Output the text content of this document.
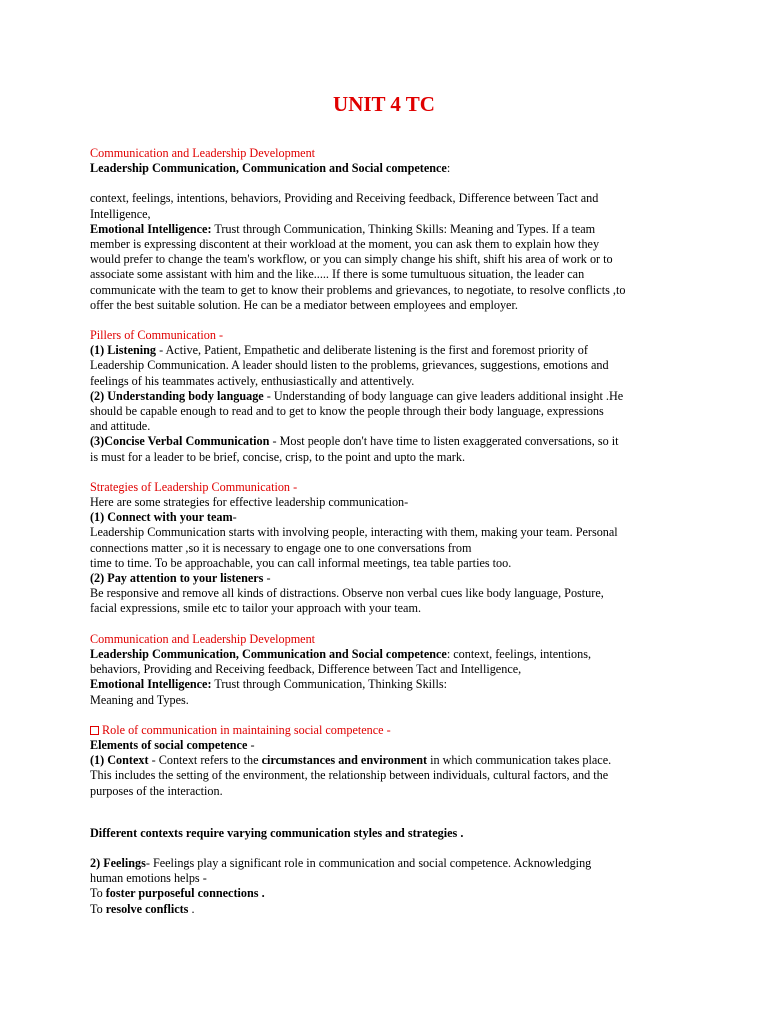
UNIT 4 TC

Communication and Leadership Development

Leadership Communication, Communication and Social competence:

context, feelings, intentions, behaviors, Providing and Receiving feedback, Difference between Tact and

Intelligence,

Emotional Intelligence: Trust through Communication, Thinking Skills: Meaning and Types. If a team

member is expressing discontent at their workload at the moment, you can ask them to explain how they

would prefer to change the team's workflow, or you can simply change his shift, shift his area of work or to

associate some assistant with him and the like..... If there is some tumultuous situation, the leader can

communicate with the team to get to know their problems and grievances, to negotiate, to resolve conflicts ,to

offer the best suitable solution. He can be a mediator between employees and employer.

Pillers of Communication -

(1) Listening - Active, Patient, Empathetic and deliberate listening is the first and foremost priority of

Leadership Communication. A leader should listen to the problems, grievances, suggestions, emotions and

feelings of his teammates actively, enthusiastically and attentively.

(2) Understanding body language - Understanding of body language can give leaders additional insight .He

should be capable enough to read and to get to know the people through their body language, expressions

and attitude.

(3)Concise Verbal Communication - Most people don't have time to listen exaggerated conversations, so it

is must for a leader to be brief, concise, crisp, to the point and upto the mark.

Strategies of Leadership Communication -

Here are some strategies for effective leadership communication-

(1) Connect with your team-

Leadership Communication starts with involving people, interacting with them, making your team. Personal

connections matter ,so it is necessary to engage one to one conversations from

time to time. To be approachable, you can call informal meetings, tea table parties too.

(2) Pay attention to your listeners -

Be responsive and remove all kinds of distractions. Observe non verbal cues like body language, Posture,

facial expressions, smile etc to tailor your approach with your team.

Communication and Leadership Development

Leadership Communication, Communication and Social competence: context, feelings, intentions,

behaviors, Providing and Receiving feedback, Difference between Tact and Intelligence,

Emotional Intelligence: Trust through Communication, Thinking Skills:

Meaning and Types.

Role of communication in maintaining social competence -

Elements of social competence -

(1) Context - Context refers to the circumstances and environment in which communication takes place.

This includes the setting of the environment, the relationship between individuals, cultural factors, and the

purposes of the interaction.

Different contexts require varying communication styles and strategies .

2) Feelings- Feelings play a significant role in communication and social competence. Acknowledging

human emotions helps -

To foster purposeful connections .

To resolve conflicts .
